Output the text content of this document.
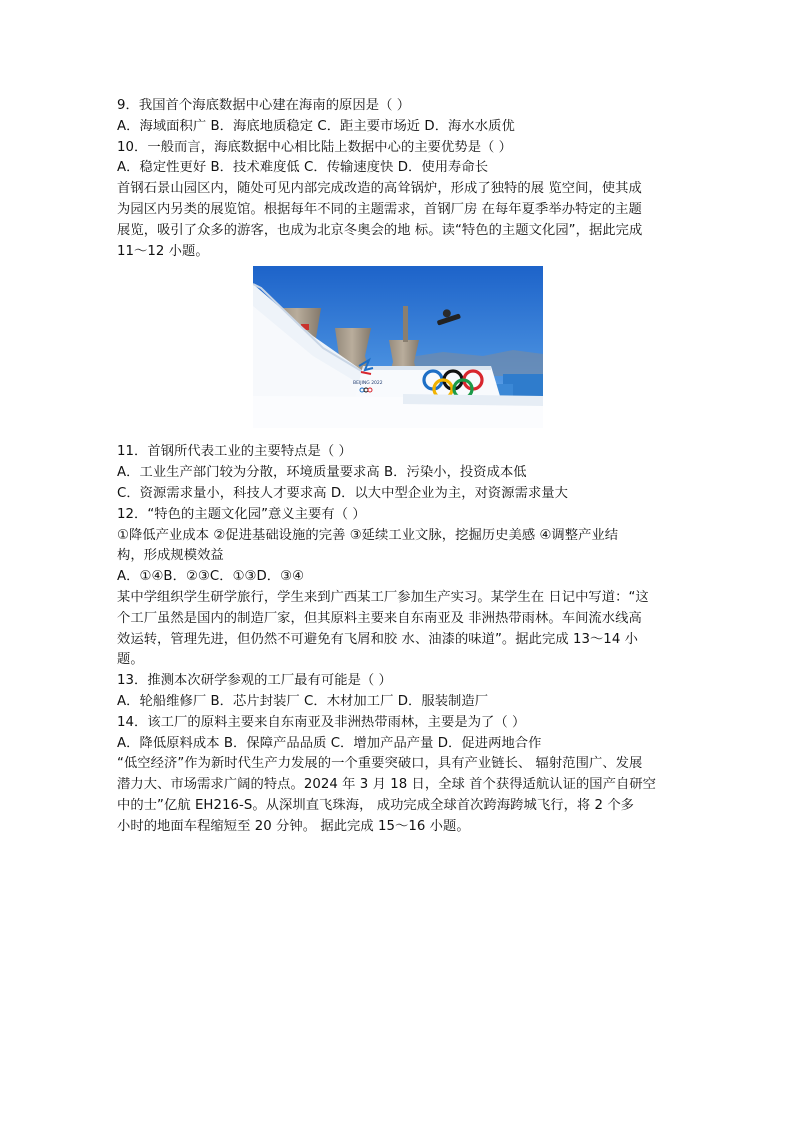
9．我国首个海底数据中心建在海南的原因是（ ）
A．海域面积广 B．海底地质稳定 C．距主要市场近 D．海水水质优
10．一般而言，海底数据中心相比陆上数据中心的主要优势是（ ）
A．稳定性更好 B．技术难度低 C．传输速度快 D．使用寿命长
首钢石景山园区内，随处可见内部完成改造的高耸锅炉，形成了独特的展 览空间，使其成
为园区内另类的展览馆。根据每年不同的主题需求，首钢厂房 在每年夏季举办特定的主题
展览，吸引了众多的游客，也成为北京冬奥会的地 标。读“特色的主题文化园”，据此完成
11～12 小题。
BEIJING 2022
11．首钢所代表工业的主要特点是（ ）
A．工业生产部门较为分散，环境质量要求高 B．污染小，投资成本低
C．资源需求量小，科技人才要求高 D．以大中型企业为主，对资源需求量大
12．“特色的主题文化园”意义主要有（ ）
①降低产业成本 ②促进基础设施的完善 ③延续工业文脉，挖掘历史美感 ④调整产业结
构，形成规模效益
A．①④B．②③C．①③D．③④
某中学组织学生研学旅行，学生来到广西某工厂参加生产实习。某学生在 日记中写道：“这
个工厂虽然是国内的制造厂家，但其原料主要来自东南亚及 非洲热带雨林。车间流水线高
效运转，管理先进，但仍然不可避免有飞屑和胶 水、油漆的味道”。据此完成 13～14 小
题。
13．推测本次研学参观的工厂最有可能是（ ）
A．轮船维修厂 B．芯片封装厂 C．木材加工厂 D．服装制造厂
14．该工厂的原料主要来自东南亚及非洲热带雨林，主要是为了（ ）
A．降低原料成本 B．保障产品品质 C．增加产品产量 D．促进两地合作
“低空经济”作为新时代生产力发展的一个重要突破口，具有产业链长、 辐射范围广、发展
潜力大、市场需求广阔的特点。2024 年 3 月 18 日，全球 首个获得适航认证的国产自研空
中的士”亿航 EH216-S。从深圳直飞珠海， 成功完成全球首次跨海跨城飞行，将 2 个多
小时的地面车程缩短至 20 分钟。 据此完成 15～16 小题。
